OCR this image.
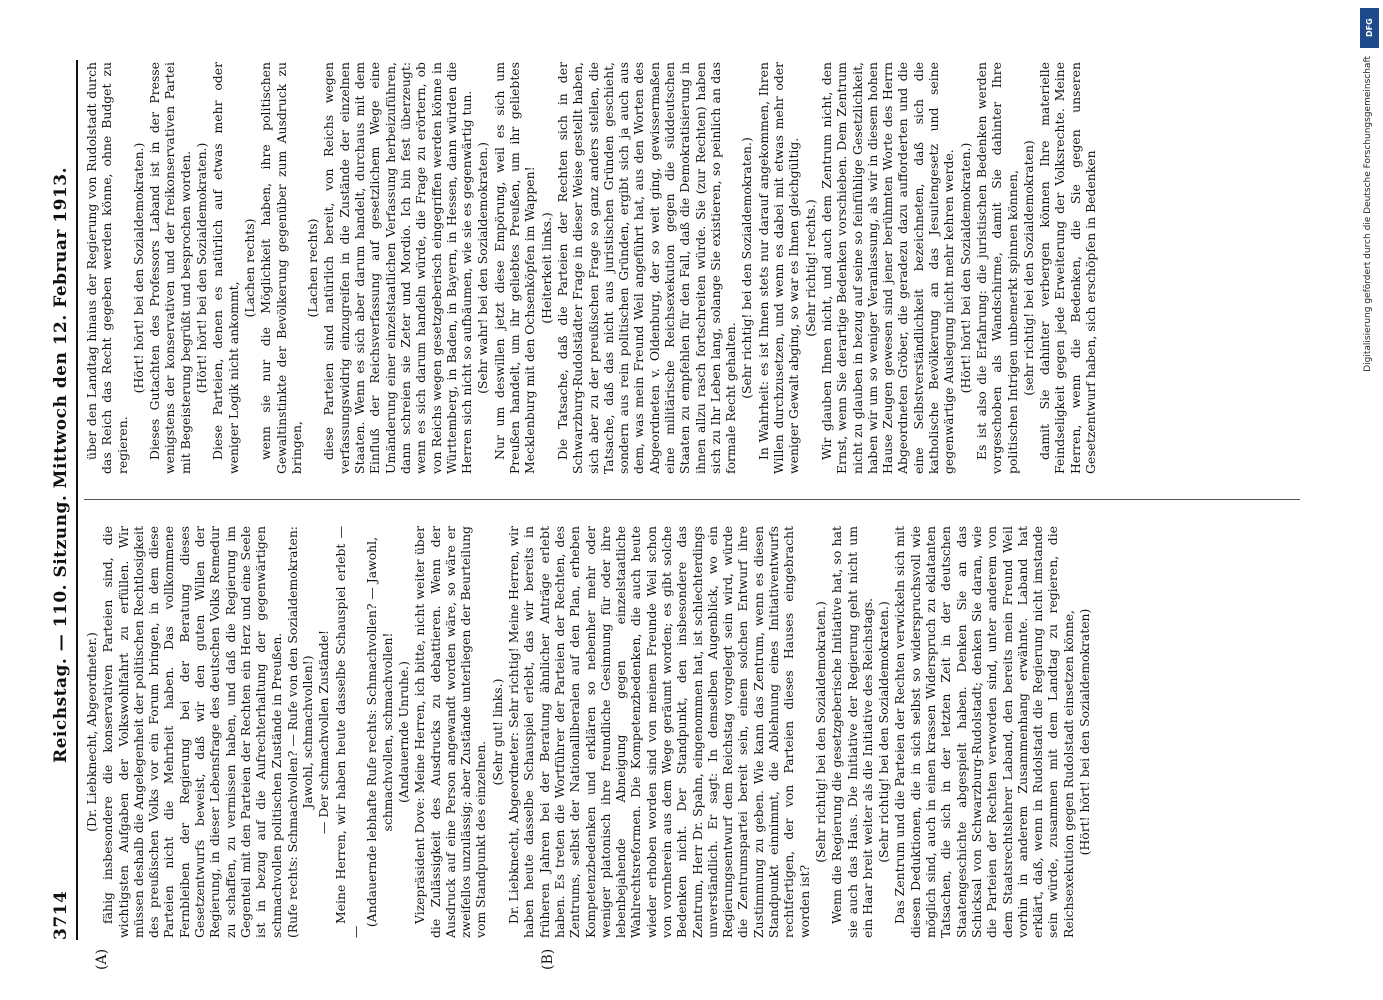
3714
Reichstag. — 110. Sitzung. Mittwoch den 12. Februar 1913.
(A)	(B)

(Dr. Liebknecht, Abgeordneter.) fähig insbesondere die konservativen Parteien sind, die wichtigsten Aufgaben der Volkswohlfahrt zu erfüllen. Wir müssen deshalb die Angelegenheit der politischen Rechtlosigkeit des preußischen Volks vor ein Forum bringen, in dem diese Parteien nicht die Mehrheit haben. Das vollkommene Fernbleiben der Regierung bei der Beratung dieses Gesetzentwurfs beweist, daß wir den guten Willen der Regierung, in dieser Lebensfrage des deutschen Volks Remedur zu schaffen, zu vermissen haben, und daß die Regierung im Gegenteil mit den Parteien der Rechten ein Herz und eine Seele ist in bezug auf die Aufrechterhaltung der gegenwärtigen schmachvollen politischen Zustände in Preußen. (Rufe rechts: Schmachvollen? — Rufe von den Sozialdemokraten: Jawohl, schmachvollen!) — Der schmachvollen Zustände! Meine Herren, wir haben heute dasselbe Schauspiel erlebt — —

(Andauernde lebhafte Rufe rechts: Schmachvollen? — Jawohl, schmachvollen, schmachvollen! (Andauernde Unruhe.) Vizepräsident Dove: Meine Herren, ich bitte, nicht weiter über die Zulässigkeit des Ausdrucks zu debattieren. Wenn der Ausdruck auf eine Person angewandt worden wäre, so wäre er zweifellos unzulässig; aber Zustände unterliegen der Beurteilung vom Standpunkt des einzelnen.

(Sehr gut! links.) Dr. Liebknecht, Abgeordneter: Sehr richtig! Meine Herren, wir haben heute dasselbe Schauspiel erlebt, das wir bereits in früheren Jahren bei der Beratung ähnlicher Anträge erlebt haben. Es treten die Wortführer der Parteien der Rechten, des Zentrums, selbst der Nationalliberalen auf den Plan, erheben Kompetenzbedenken und erklären so nebenher mehr oder weniger platonisch ihre freundliche Gesinnung für oder ihre lebenbejahende Abneigung gegen einzelstaatliche Wahlrechtsreformen. Die Kompetenzbedenken, die auch heute wieder erhoben worden sind von meinem Freunde Weil schon von vornherein aus dem Wege geräumt worden; es gibt solche Bedenken nicht. Der Standpunkt, den insbesondere das Zentrum, Herr Dr. Spahn, eingenommen hat, ist schlechterdings unverständlich. Er sagt: In demselben Augenblick, wo ein Regierungsentwurf dem Reichstag vorgelegt sein wird, würde die Zentrumspartei bereit sein, einem solchen Entwurf ihre Zustimmung zu geben. Wie kann das Zentrum, wenn es diesen Standpunkt einnimmt, die Ablehnung eines Initiativentwurfs rechtfertigen, der von Parteien dieses Hauses eingebracht worden ist?

(Sehr richtig! bei den Sozialdemokraten.) Wenn die Regierung die gesetzgeberische Initiative hat, so hat sie auch das Haus. Die Initiative der Regierung geht nicht um ein Haar breit weiter als die Initiative des Reichstags. (Sehr richtig! bei den Sozialdemokraten.) Das Zentrum und die Parteien der Rechten verwickeln sich mit diesen Deduktionen, die in sich selbst so widerspruchsvoll wie möglich sind, auch in einen krassen Widerspruch zu eklatanten Tatsachen, die sich in der letzten Zeit in der deutschen Staatengeschichte abgespielt haben. Denken Sie an das Schicksal von Schwarzburg-Rudolstadt; denken Sie daran, wie die Parteien der Rechten verworden sind, unter anderem von dem Staatsrechtslehrer Laband, den bereits mein Freund Weil vorhin in anderem Zusammenhang erwähnte. Laband hat erklärt, daß, wenn in Rudolstadt die Regierung nicht imstande sein würde, zusammen mit dem Landtag zu regieren, die Reichsexekution gegen Rudolstadt einsetzen könne, (Hört! hört! bei den Sozialdemokraten)

über den Landtag hinaus der Regierung von Rudolstadt durch das Reich das Recht gegeben werden könne, ohne Budget zu regieren.

(Hört! hört! bei den Sozialdemokraten.) Dieses Gutachten des Professors Laband ist in der Presse wenigstens der konservativen und der freikonservativen Partei mit Begeisterung begrüßt und besprochen worden. (Hört! hört! bei den Sozialdemokraten.) Diese Parteien, denen es natürlich auf etwas mehr oder weniger Logik nicht ankommt,

(Lachen rechts) wenn sie nur die Möglichkeit haben, ihre politischen Gewaltinstinkte der Bevölkerung gegenüber zum Ausdruck zu bringen,

(Lachen rechts) diese Parteien sind natürlich bereit, von Reichs wegen verfassungswidrig einzugreifen in die Zustände der einzelnen Staaten. Wenn es sich aber darum handelt, durchaus mit dem Einfluß der Reichsverfassung auf gesetzlichem Wege eine Umänderung einer einzelstaatlichen Verfassung herbeizuführen, dann schreien sie Zeter und Mordio. Ich bin fest überzeugt: wenn es sich darum handeln würde, die Frage zu erörtern, ob von Reichs wegen gesetzgeberisch eingegriffen werden könne in Württemberg, in Baden, in Bayern, in Hessen, dann würden die Herren sich nicht so aufbäumen, wie sie es gegenwärtig tun. (Sehr wahr! bei den Sozialdemokraten.) Nur um deswillen jetzt diese Empörung, weil es sich um Preußen handelt, um ihr geliebtes Preußen, um ihr geliebtes Mecklenburg mit den Ochsenköpfen im Wappen! (Heiterkeit links.) Die Tatsache, daß die Parteien der Rechten sich in der Schwarzburg-Rudolstädter Frage in dieser Weise gestellt haben, sich aber zu der preußischen Frage so ganz anders stellen, die Tatsache, daß das nicht aus juristischen Gründen geschieht, sondern aus rein politischen Gründen, ergibt sich ja auch aus dem, was mein Freund Weil angeführt hat, aus den Worten des Abgeordneten v. Oldenburg, der so weit ging, gewissermaßen eine militärische Reichsexekution gegen die süddeutschen Staaten zu empfehlen für den Fall, daß die Demokratisierung in ihnen allzu rasch fortschreiten würde. Sie (zur Rechten) haben sich zu Ihr Leben lang, solange Sie existieren, so peinlich an das formale Recht gehalten. (Sehr richtig! bei den Sozialdemokraten.) In Wahrheit: es ist Ihnen stets nur darauf angekommen, Ihren Willen durchzusetzen, und wenn es dabei mit etwas mehr oder weniger Gewalt abging, so war es Ihnen gleichgültig. (Sehr richtig! rechts.) Wir glauben Ihnen nicht, und auch dem Zentrum nicht, den Ernst, wenn Sie derartige Bedenken vorschieben. Dem Zentrum nicht zu glauben in bezug auf seine so feinfühlige Gesetzlichkeit, haben wir um so weniger Veranlassung, als wir in diesem hohen Hause Zeugen gewesen sind jener berühmten Worte des Herrn Abgeordneten Gröber, die geradezu dazu aufforderten und die eine Selbstverständlichkeit bezeichneten, daß sich die katholische Bevölkerung an das Jesuitengesetz und seine gegenwärtige Auslegung nicht mehr kehren werde. (Hört! hört! bei den Sozialdemokraten.) Es ist also die Erfahrung: die juristischen Bedenken werden vorgeschoben als Wandschirme, damit Sie dahinter Ihre politischen Intrigen unbemerkt spinnen können, (sehr richtig! bei den Sozialdemokraten) damit Sie dahinter verbergen können Ihre materielle Feindseligkeit gegen jede Erweiterung der Volksrechte. Meine Herren, wenn die Bedenken, die Sie gegen unseren Gesetzentwurf haben, sich erschöpfen in Bedenken

DFG
Digitalisierung gefördert durch die Deutsche Forschungsgemeinschaft
